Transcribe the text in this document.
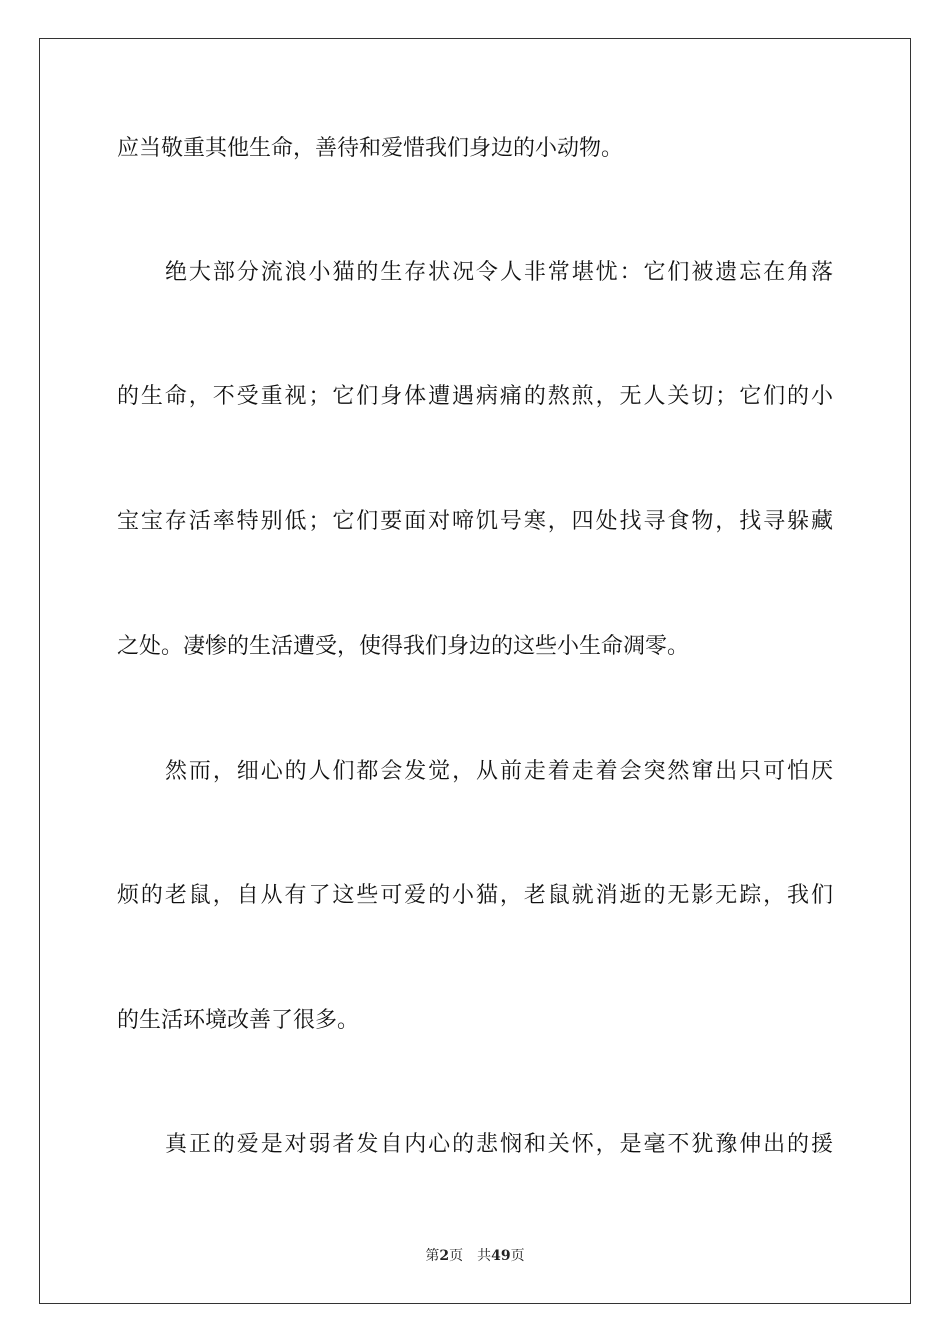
应当敬重其他生命，善待和爱惜我们身边的小动物。
绝大部分流浪小猫的生存状况令人非常堪忧：它们被遗忘在角落
的生命，不受重视；它们身体遭遇病痛的熬煎，无人关切；它们的小
宝宝存活率特别低；它们要面对啼饥号寒，四处找寻食物，找寻躲藏
之处。凄惨的生活遭受，使得我们身边的这些小生命凋零。
然而，细心的人们都会发觉，从前走着走着会突然窜出只可怕厌
烦的老鼠，自从有了这些可爱的小猫，老鼠就消逝的无影无踪，我们
的生活环境改善了很多。
真正的爱是对弱者发自内心的悲悯和关怀，是毫不犹豫伸出的援
第2页 共49页
